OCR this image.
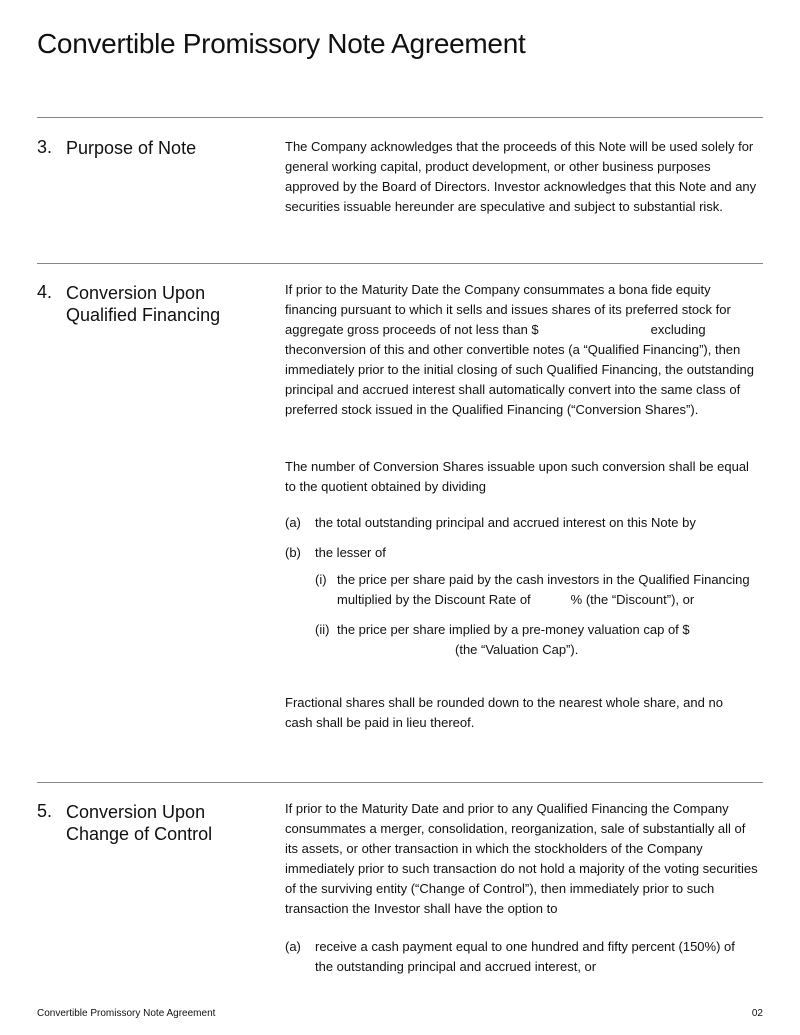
Convertible Promissory Note Agreement
3. Purpose of Note	The Company acknowledges that the proceeds of this Note will be used solely for general working capital, product development, or other business purposes approved by the Board of Directors. Investor acknowledges that this Note and any securities issuable hereunder are speculative and subject to substantial risk.

4. Conversion Upon Qualified Financing

If prior to the Maturity Date the Company consummates a bona fide equity financing pursuant to which it sells and issues shares of its preferred stock for aggregate gross proceeds of not less than $	excluding theconversion of this and other convertible notes (a “Qualified Financing”), then immediately prior to the initial closing of such Qualified Financing, the outstanding principal and accrued interest shall automatically convert into the same class of preferred stock issued in the Qualified Financing (“Conversion Shares”).

The number of Conversion Shares issuable upon such conversion shall be equal to the quotient obtained by dividing

(a) the total outstanding principal and accrued interest on this Note by
(b) the lesser of
(i) the price per share paid by the cash investors in the Qualified Financing multiplied by the Discount Rate of	% (the “Discount”), or
(ii) the price per share implied by a pre-money valuation cap of $ (the “Valuation Cap”).

Fractional shares shall be rounded down to the nearest whole share, and no cash shall be paid in lieu thereof.

5. Conversion Upon Change of Control

If prior to the Maturity Date and prior to any Qualified Financing the Company consummates a merger, consolidation, reorganization, sale of substantially all of its assets, or other transaction in which the stockholders of the Company immediately prior to such transaction do not hold a majority of the voting securities of the surviving entity (“Change of Control”), then immediately prior to such transaction the Investor shall have the option to

(a) receive a cash payment equal to one hundred and fifty percent (150%) of the outstanding principal and accrued interest, or
Convertible Promissory Note Agreement	02
